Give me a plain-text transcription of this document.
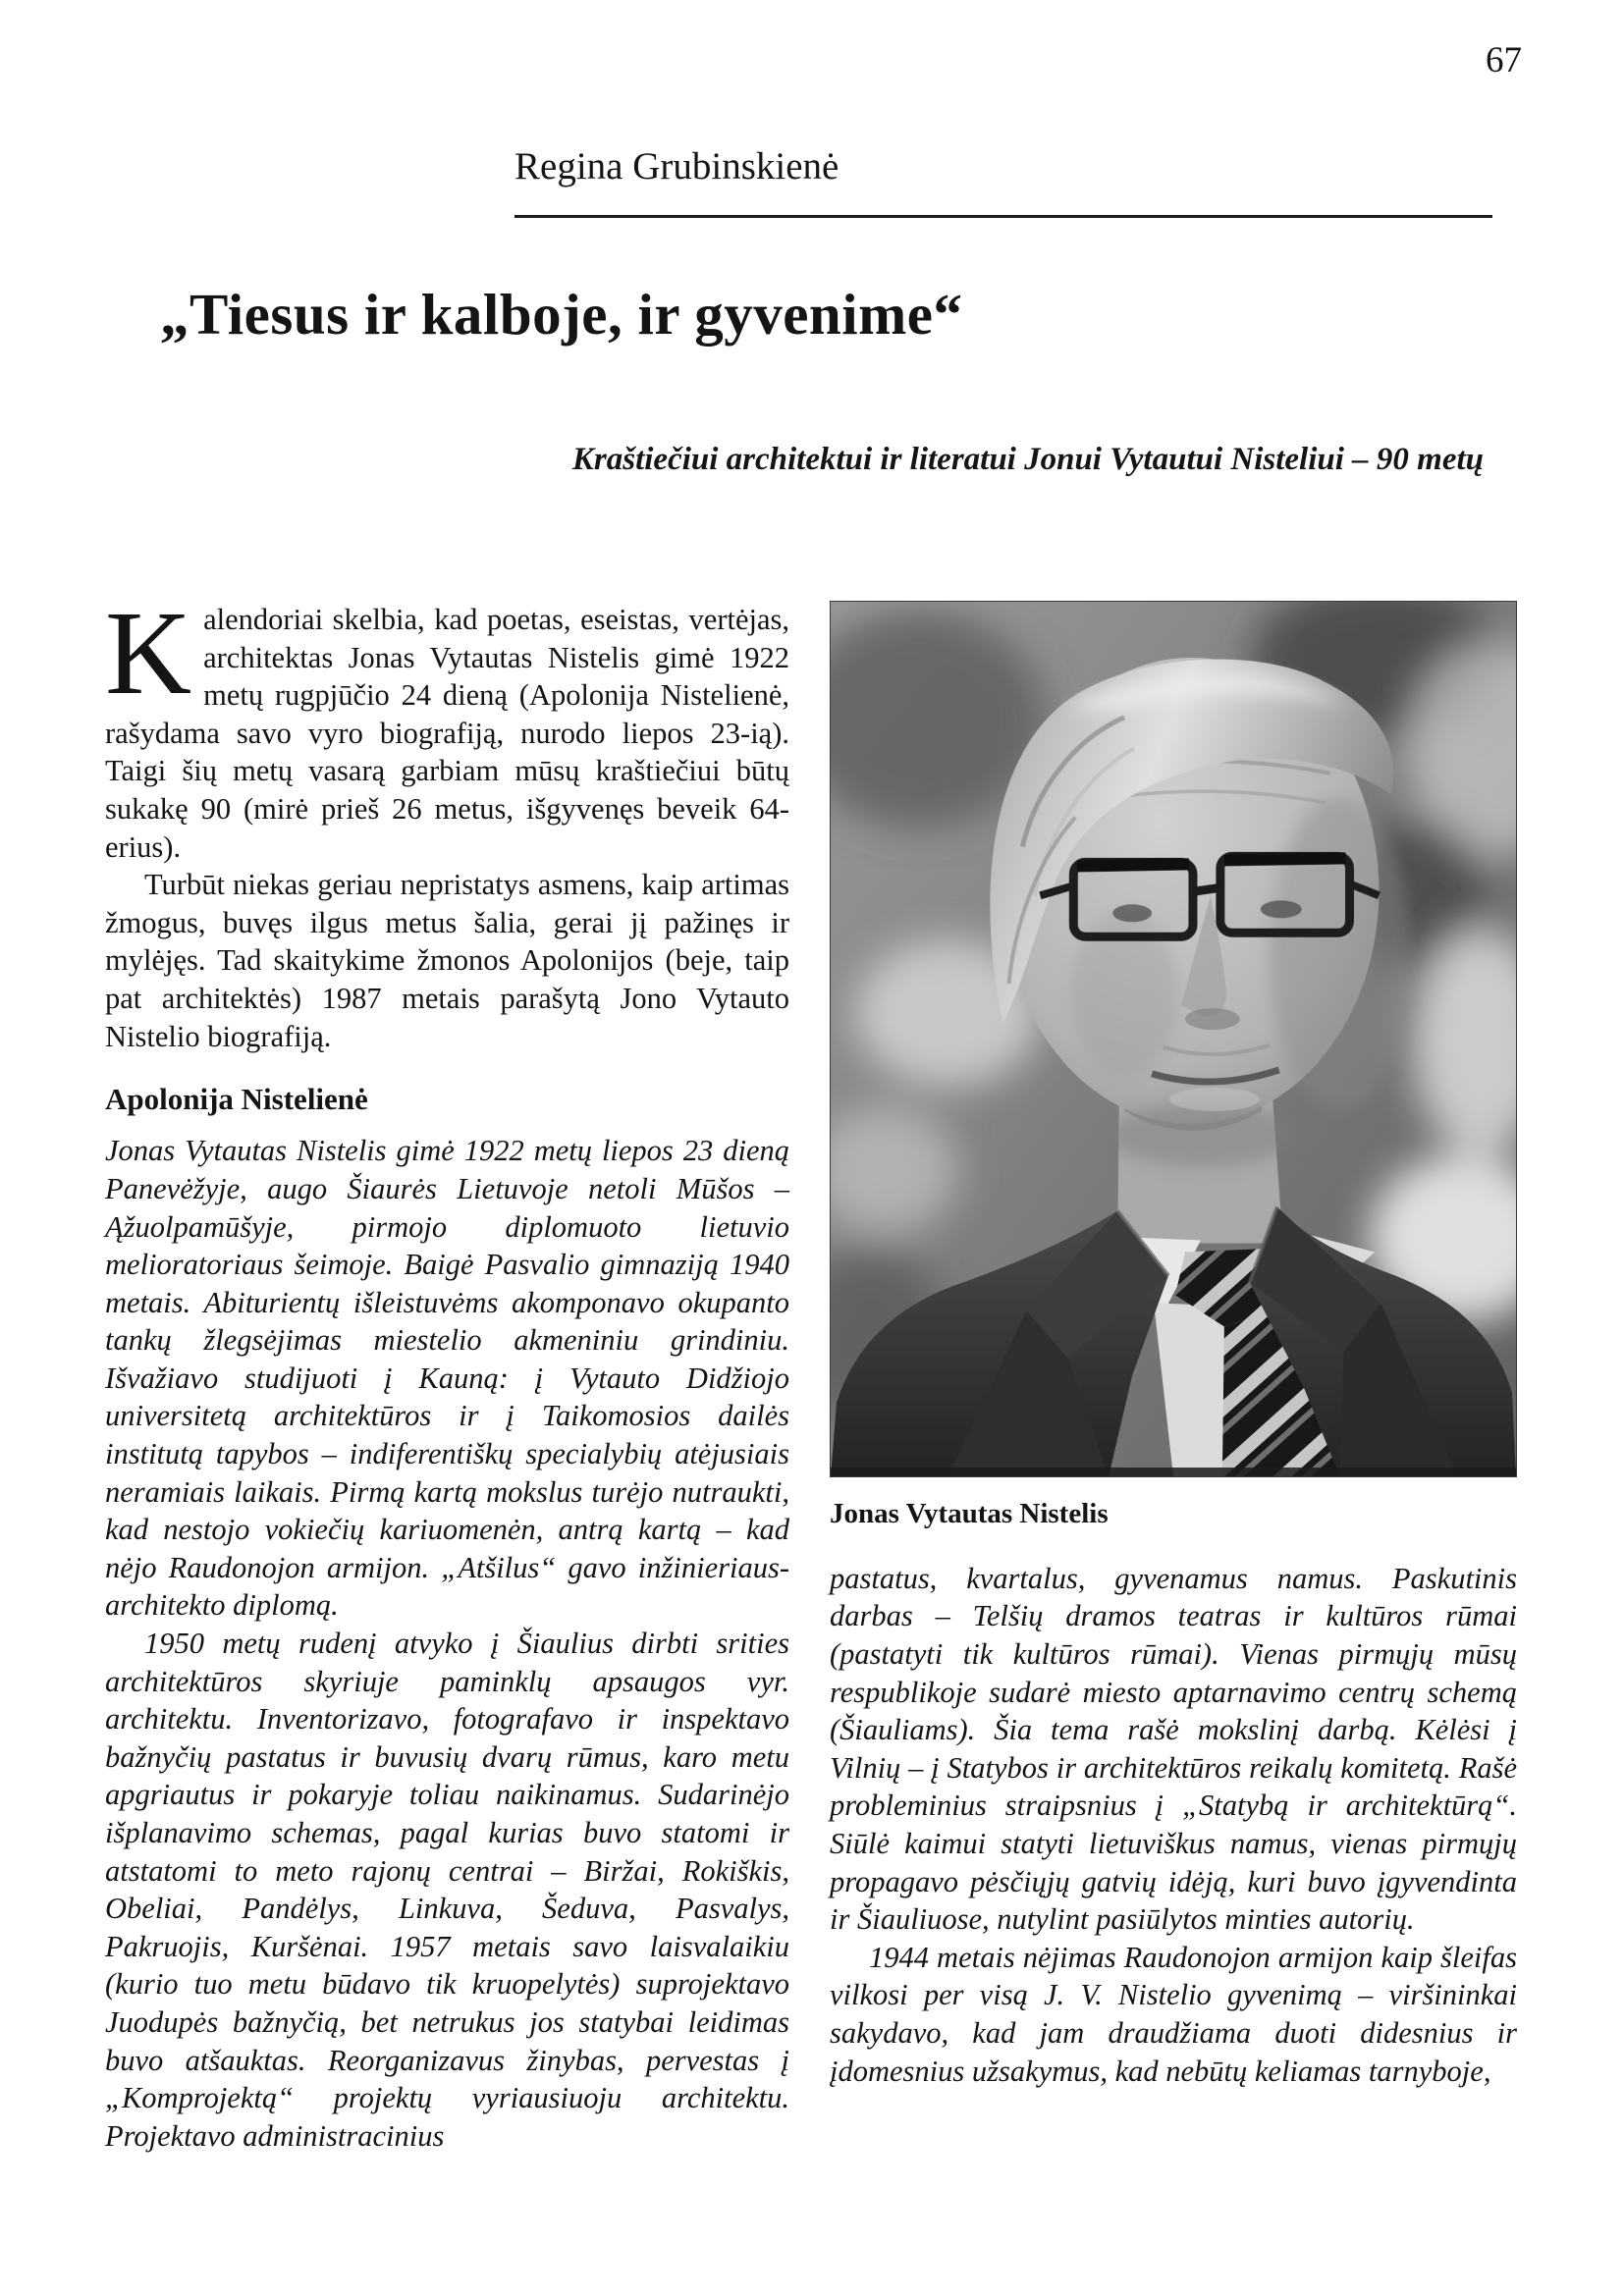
67
Regina Grubinskienė
„Tiesus ir kalboje, ir gyvenime“
Kraštiečiui architektui ir literatui Jonui Vytautui Nisteliui – 90 metų

Kalendoriai skelbia, kad poetas, eseistas, vertėjas, architektas Jonas Vytautas Nistelis gimė 1922 metų rugpjūčio 24 dieną (Apolonija Nistelienė, rašydama savo vyro biografiją, nurodo liepos 23-ią). Taigi šių metų vasarą garbiam mūsų kraštiečiui būtų sukakę 90 (mirė prieš 26 metus, išgyvenęs beveik 64-erius).

Turbūt niekas geriau nepristatys asmens, kaip artimas žmogus, buvęs ilgus metus šalia, gerai jį pažinęs ir mylėjęs. Tad skaitykime žmonos Apolonijos (beje, taip pat architektės) 1987 metais parašytą Jono Vytauto Nistelio biografiją.

Apolonija Nistelienė

Jonas Vytautas Nistelis gimė 1922 metų liepos 23 dieną Panevėžyje, augo Šiaurės Lietuvoje netoli Mūšos – Ąžuolpamūšyje, pirmojo diplomuoto lietuvio melioratoriaus šeimoje. Baigė Pasvalio gimnaziją 1940 metais. Abiturientų išleistuvėms akomponavo okupanto tankų žlegsėjimas miestelio akmeniniu grindiniu. Išvažiavo studijuoti į Kauną: į Vytauto Didžiojo universitetą architektūros ir į Taikomosios dailės institutą tapybos – indiferentiškų specialybių atėjusiais neramiais laikais. Pirmą kartą mokslus turėjo nutraukti, kad nestojo vokiečių kariuomenėn, antrą kartą – kad nėjo Raudonojon armijon. „Atšilus“ gavo inžinieriaus-architekto diplomą.

1950 metų rudenį atvyko į Šiaulius dirbti srities architektūros skyriuje paminklų apsaugos vyr. architektu. Inventorizavo, fotografavo ir inspektavo bažnyčių pastatus ir buvusių dvarų rūmus, karo metu apgriautus ir pokaryje toliau naikinamus. Sudarinėjo išplanavimo schemas, pagal kurias buvo statomi ir atstatomi to meto rajonų centrai – Biržai, Rokiškis, Obeliai, Pandėlys, Linkuva, Šeduva, Pasvalys, Pakruojis, Kuršėnai. 1957 metais savo laisvalaikiu (kurio tuo metu būdavo tik kruopelytės) suprojektavo Juodupės bažnyčią, bet netrukus jos statybai leidimas buvo atšauktas. Reorganizavus žinybas, pervestas į „Komprojektą“ projektų vyriausiuoju architektu. Projektavo administracinius

Jonas Vytautas Nistelis

pastatus, kvartalus, gyvenamus namus. Paskutinis darbas – Telšių dramos teatras ir kultūros rūmai (pastatyti tik kultūros rūmai). Vienas pirmųjų mūsų respublikoje sudarė miesto aptarnavimo centrų schemą (Šiauliams). Šia tema rašė mokslinį darbą. Kėlėsi į Vilnių – į Statybos ir architektūros reikalų komitetą. Rašė probleminius straipsnius į „Statybą ir architektūrą“. Siūlė kaimui statyti lietuviškus namus, vienas pirmųjų propagavo pėsčiųjų gatvių idėją, kuri buvo įgyvendinta ir Šiauliuose, nutylint pasiūlytos minties autorių.

1944 metais nėjimas Raudonojon armijon kaip šleifas vilkosi per visą J. V. Nistelio gyvenimą – viršininkai sakydavo, kad jam draudžiama duoti didesnius ir įdomesnius užsakymus, kad nebūtų keliamas tarnyboje,
